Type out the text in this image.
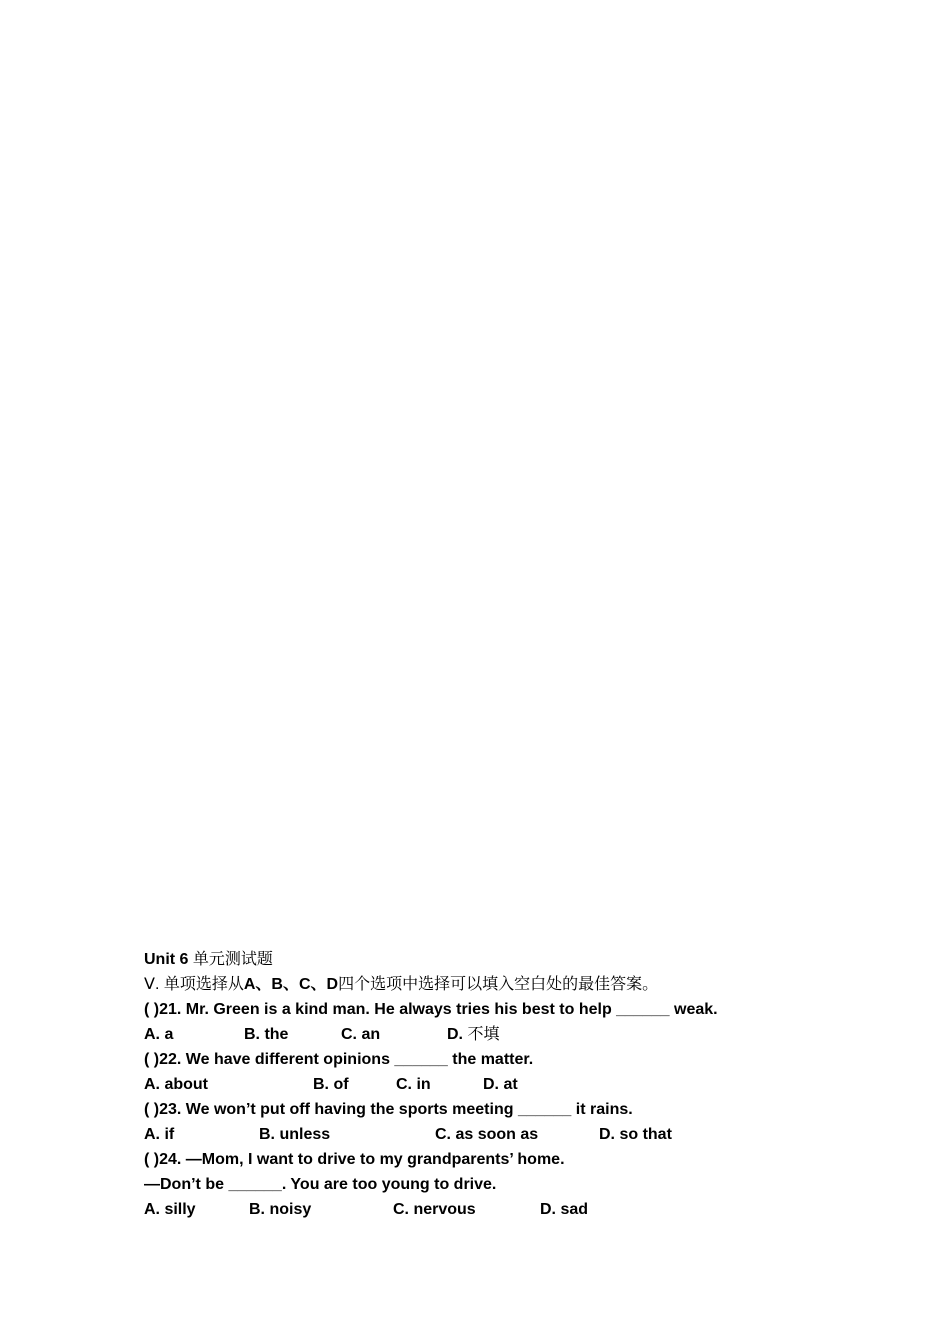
Unit 6 单元测试题
Ⅴ. 单项选择从A、B、C、D四个选项中选择可以填入空白处的最佳答案。
( )21. Mr. Green is a kind man. He always tries his best to help ______ weak.
A. a	B. the	C. an	D. 不填
( )22. We have different opinions ______ the matter.
A. about	B. of	C. in	D. at
( )23. We won’t put off having the sports meeting ______ it rains.
A. if	B. unless	C. as soon as	D. so that
( )24. —Mom, I want to drive to my grandparents’ home.
—Don’t be ______. You are too young to drive.
A. silly	B. noisy	C. nervous	D. sad
